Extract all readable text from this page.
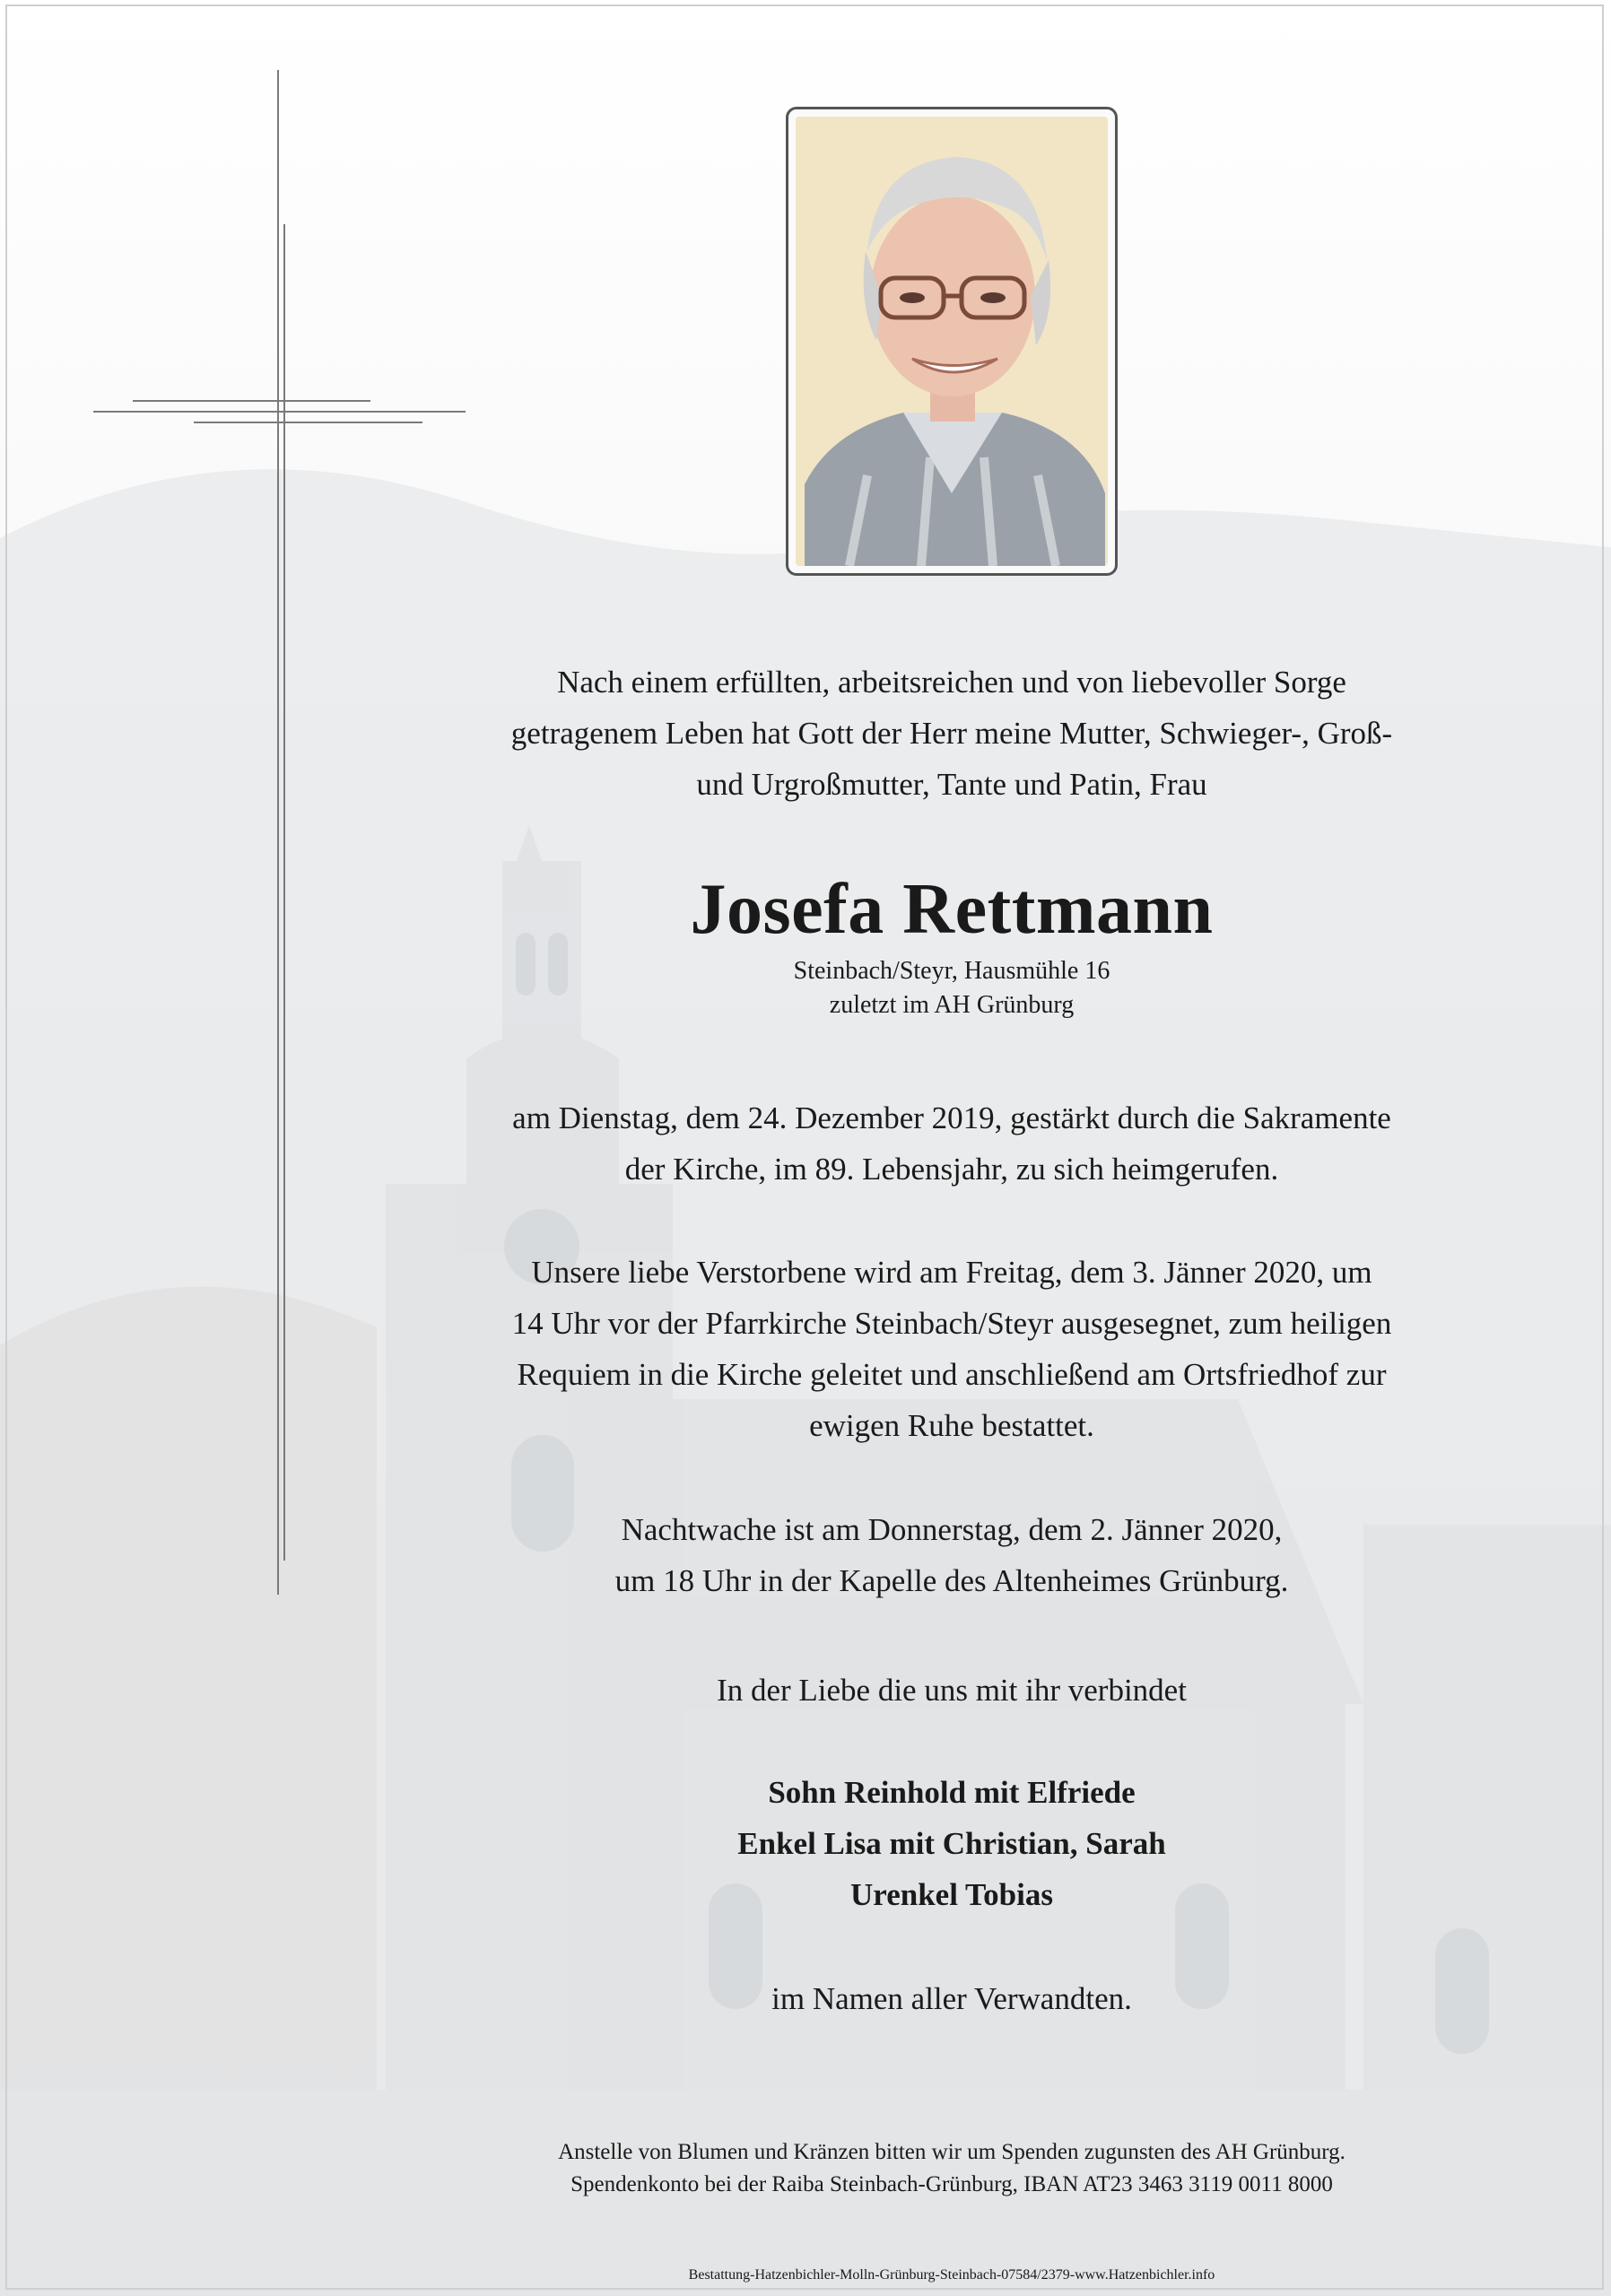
Nach einem erfüllten, arbeitsreichen und von liebevoller Sorge
getragenem Leben hat Gott der Herr meine Mutter, Schwieger-, Groß-
und Urgroßmutter, Tante und Patin, Frau
Josefa Rettmann
Steinbach/Steyr, Hausmühle 16
zuletzt im AH Grünburg
am Dienstag, dem 24. Dezember 2019, gestärkt durch die Sakramente
der Kirche, im 89. Lebensjahr, zu sich heimgerufen.
Unsere liebe Verstorbene wird am Freitag, dem 3. Jänner 2020, um
14 Uhr vor der Pfarrkirche Steinbach/Steyr ausgesegnet, zum heiligen
Requiem in die Kirche geleitet und anschließend am Ortsfriedhof zur
ewigen Ruhe bestattet.
Nachtwache ist am Donnerstag, dem 2. Jänner 2020,
um 18 Uhr in der Kapelle des Altenheimes Grünburg.
In der Liebe die uns mit ihr verbindet
Sohn Reinhold mit Elfriede
Enkel Lisa mit Christian, Sarah
Urenkel Tobias
im Namen aller Verwandten.
Anstelle von Blumen und Kränzen bitten wir um Spenden zugunsten des AH Grünburg.
Spendenkonto bei der Raiba Steinbach-Grünburg, IBAN AT23 3463 3119 0011 8000
Bestattung-Hatzenbichler-Molln-Grünburg-Steinbach-07584/2379-www.Hatzenbichler.info
